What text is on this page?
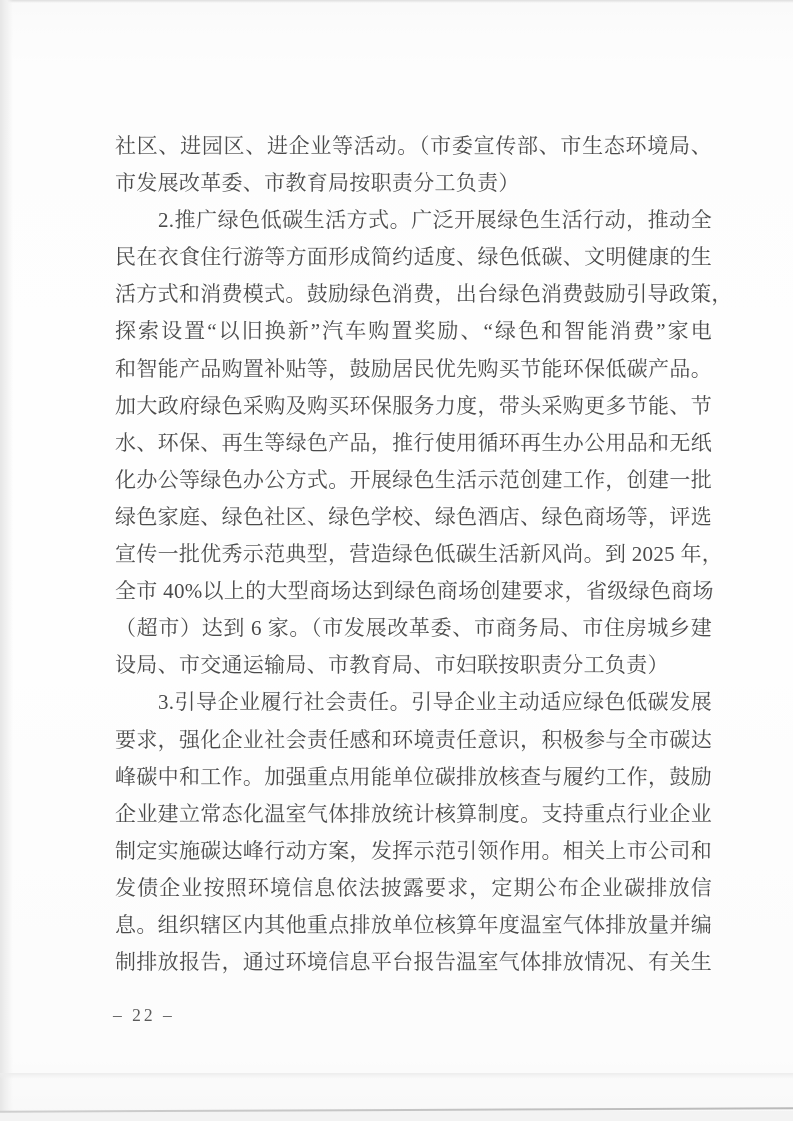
社区、进园区、进企业等活动。（市委宣传部、市生态环境局、
市发展改革委、市教育局按职责分工负责）
2.推广绿色低碳生活方式。广泛开展绿色生活行动，推动全
民在衣食住行游等方面形成简约适度、绿色低碳、文明健康的生
活方式和消费模式。鼓励绿色消费，出台绿色消费鼓励引导政策，
探索设置“以旧换新”汽车购置奖励、“绿色和智能消费”家电
和智能产品购置补贴等，鼓励居民优先购买节能环保低碳产品。
加大政府绿色采购及购买环保服务力度，带头采购更多节能、节
水、环保、再生等绿色产品，推行使用循环再生办公用品和无纸
化办公等绿色办公方式。开展绿色生活示范创建工作，创建一批
绿色家庭、绿色社区、绿色学校、绿色酒店、绿色商场等，评选
宣传一批优秀示范典型，营造绿色低碳生活新风尚。到 2025 年，
全市 40%以上的大型商场达到绿色商场创建要求，省级绿色商场
（超市）达到 6 家。（市发展改革委、市商务局、市住房城乡建
设局、市交通运输局、市教育局、市妇联按职责分工负责）
3.引导企业履行社会责任。引导企业主动适应绿色低碳发展
要求，强化企业社会责任感和环境责任意识，积极参与全市碳达
峰碳中和工作。加强重点用能单位碳排放核查与履约工作，鼓励
企业建立常态化温室气体排放统计核算制度。支持重点行业企业
制定实施碳达峰行动方案，发挥示范引领作用。相关上市公司和
发债企业按照环境信息依法披露要求，定期公布企业碳排放信
息。组织辖区内其他重点排放单位核算年度温室气体排放量并编
制排放报告，通过环境信息平台报告温室气体排放情况、有关生
– 22 –
